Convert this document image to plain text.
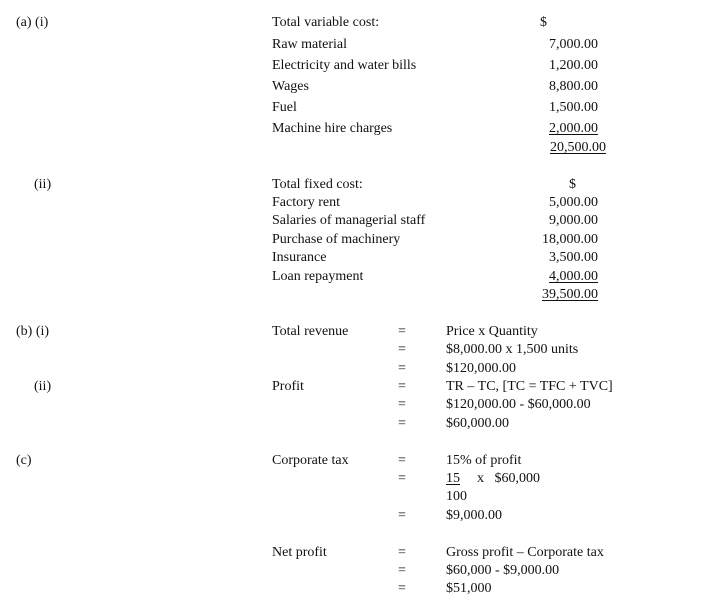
(a) (i)	Total variable cost:	$
Raw material	7,000.00
Electricity and water bills	1,200.00
Wages	8,800.00
Fuel	1,500.00
Machine hire charges	2,000.00
20,500.00
(ii)	Total fixed cost:	$
Factory rent	5,000.00
Salaries of managerial staff	9,000.00
Purchase of machinery	18,000.00
Insurance	3,500.00
Loan repayment	4,000.00
39,500.00
(b) (i)	Total revenue	=	Price x Quantity
=	$8,000.00 x 1,500 units
=	$120,000.00
(ii)	Profit	=	TR – TC, [TC = TFC + TVC]
=	$120,000.00 - $60,000.00
=	$60,000.00
(c)	Corporate tax	=	15% of profit
=	15	x   $60,000
100
=	$9,000.00
Net profit	=	Gross profit – Corporate tax
=	$60,000 - $9,000.00
=	$51,000
